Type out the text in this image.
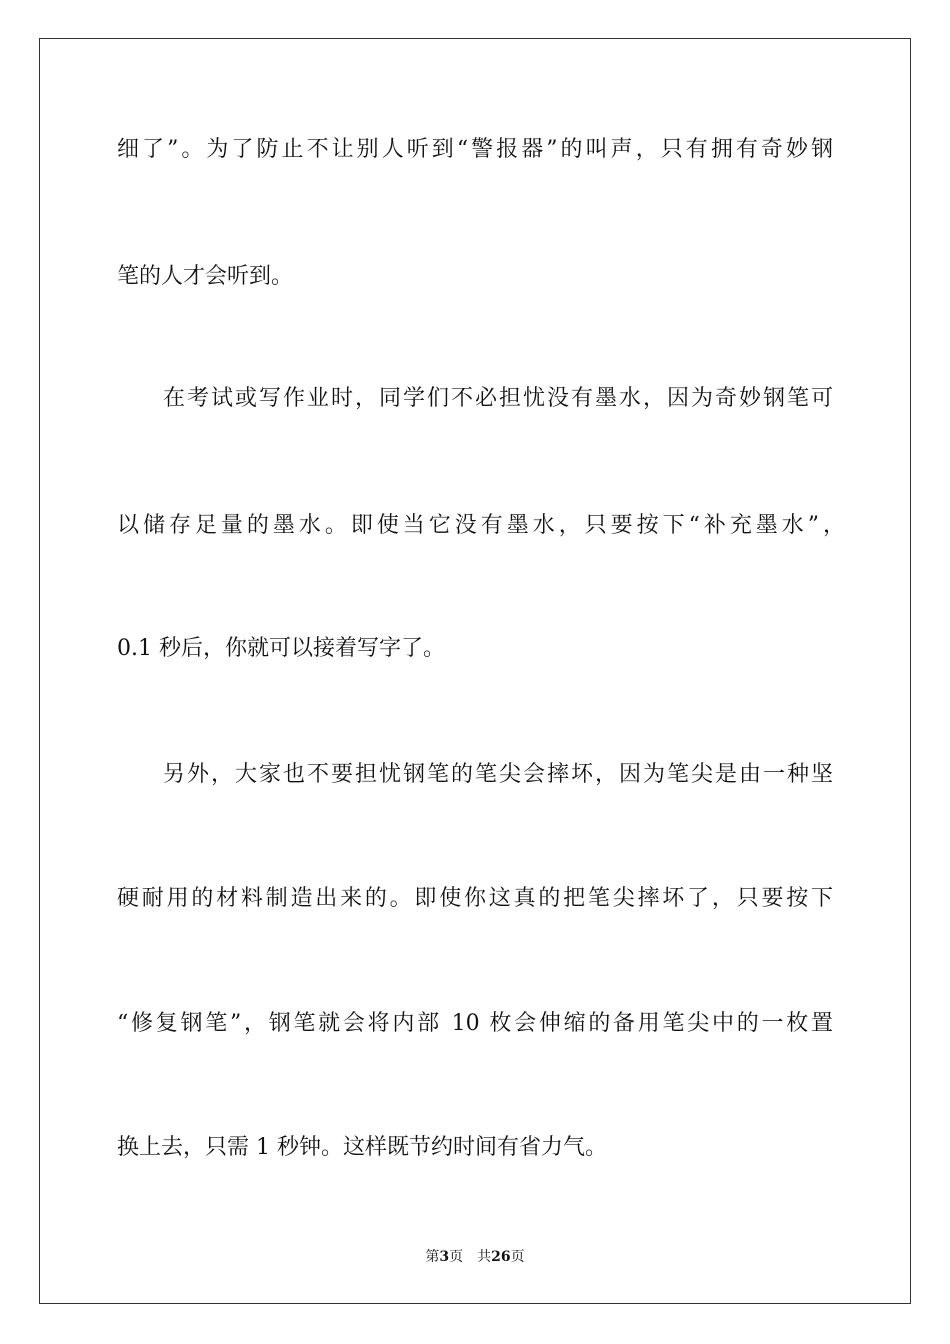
细了”。为了防止不让别人听到“警报器”的叫声，只有拥有奇妙钢
笔的人才会听到。
在考试或写作业时，同学们不必担忧没有墨水，因为奇妙钢笔可
以储存足量的墨水。即使当它没有墨水，只要按下“补充墨水”，
0.1 秒后，你就可以接着写字了。
另外，大家也不要担忧钢笔的笔尖会摔坏，因为笔尖是由一种坚
硬耐用的材料制造出来的。即使你这真的把笔尖摔坏了，只要按下
“修复钢笔”，钢笔就会将内部 10 枚会伸缩的备用笔尖中的一枚置
换上去，只需 1 秒钟。这样既节约时间有省力气。
第3页 共26页
